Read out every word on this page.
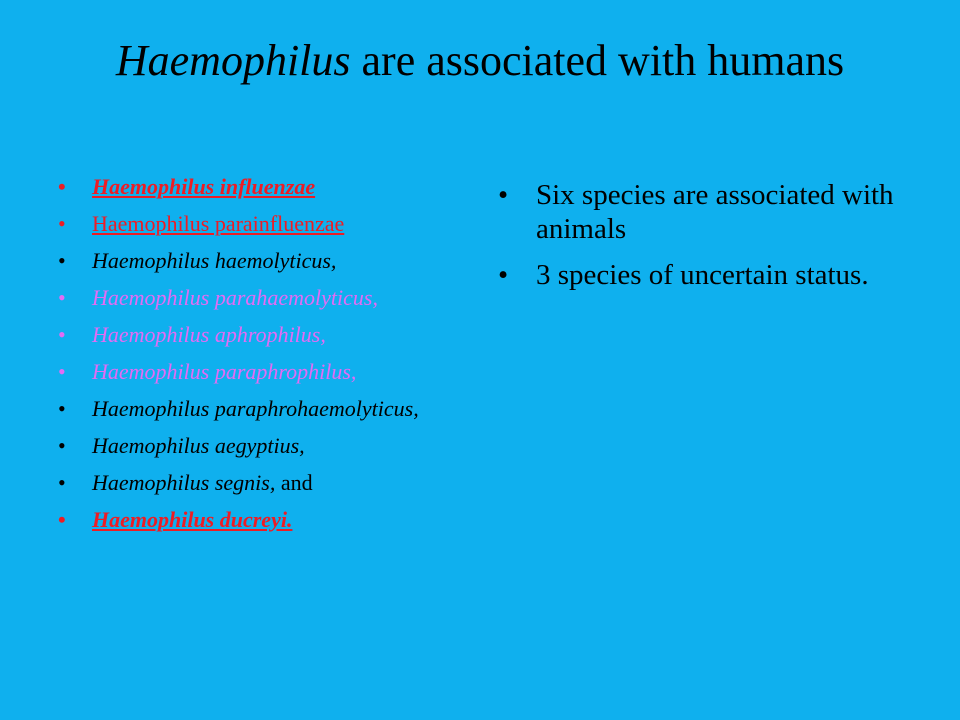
Haemophilus are associated with humans
• Haemophilus influenzae
• Haemophilus parainfluenzae
• Haemophilus haemolyticus,
• Haemophilus parahaemolyticus,
• Haemophilus aphrophilus,
• Haemophilus paraphrophilus,
• Haemophilus paraphrohaemolyticus,
• Haemophilus aegyptius,
• Haemophilus segnis, and
• Haemophilus ducreyi.
• Six species are associated with animals
• 3 species of uncertain status.
